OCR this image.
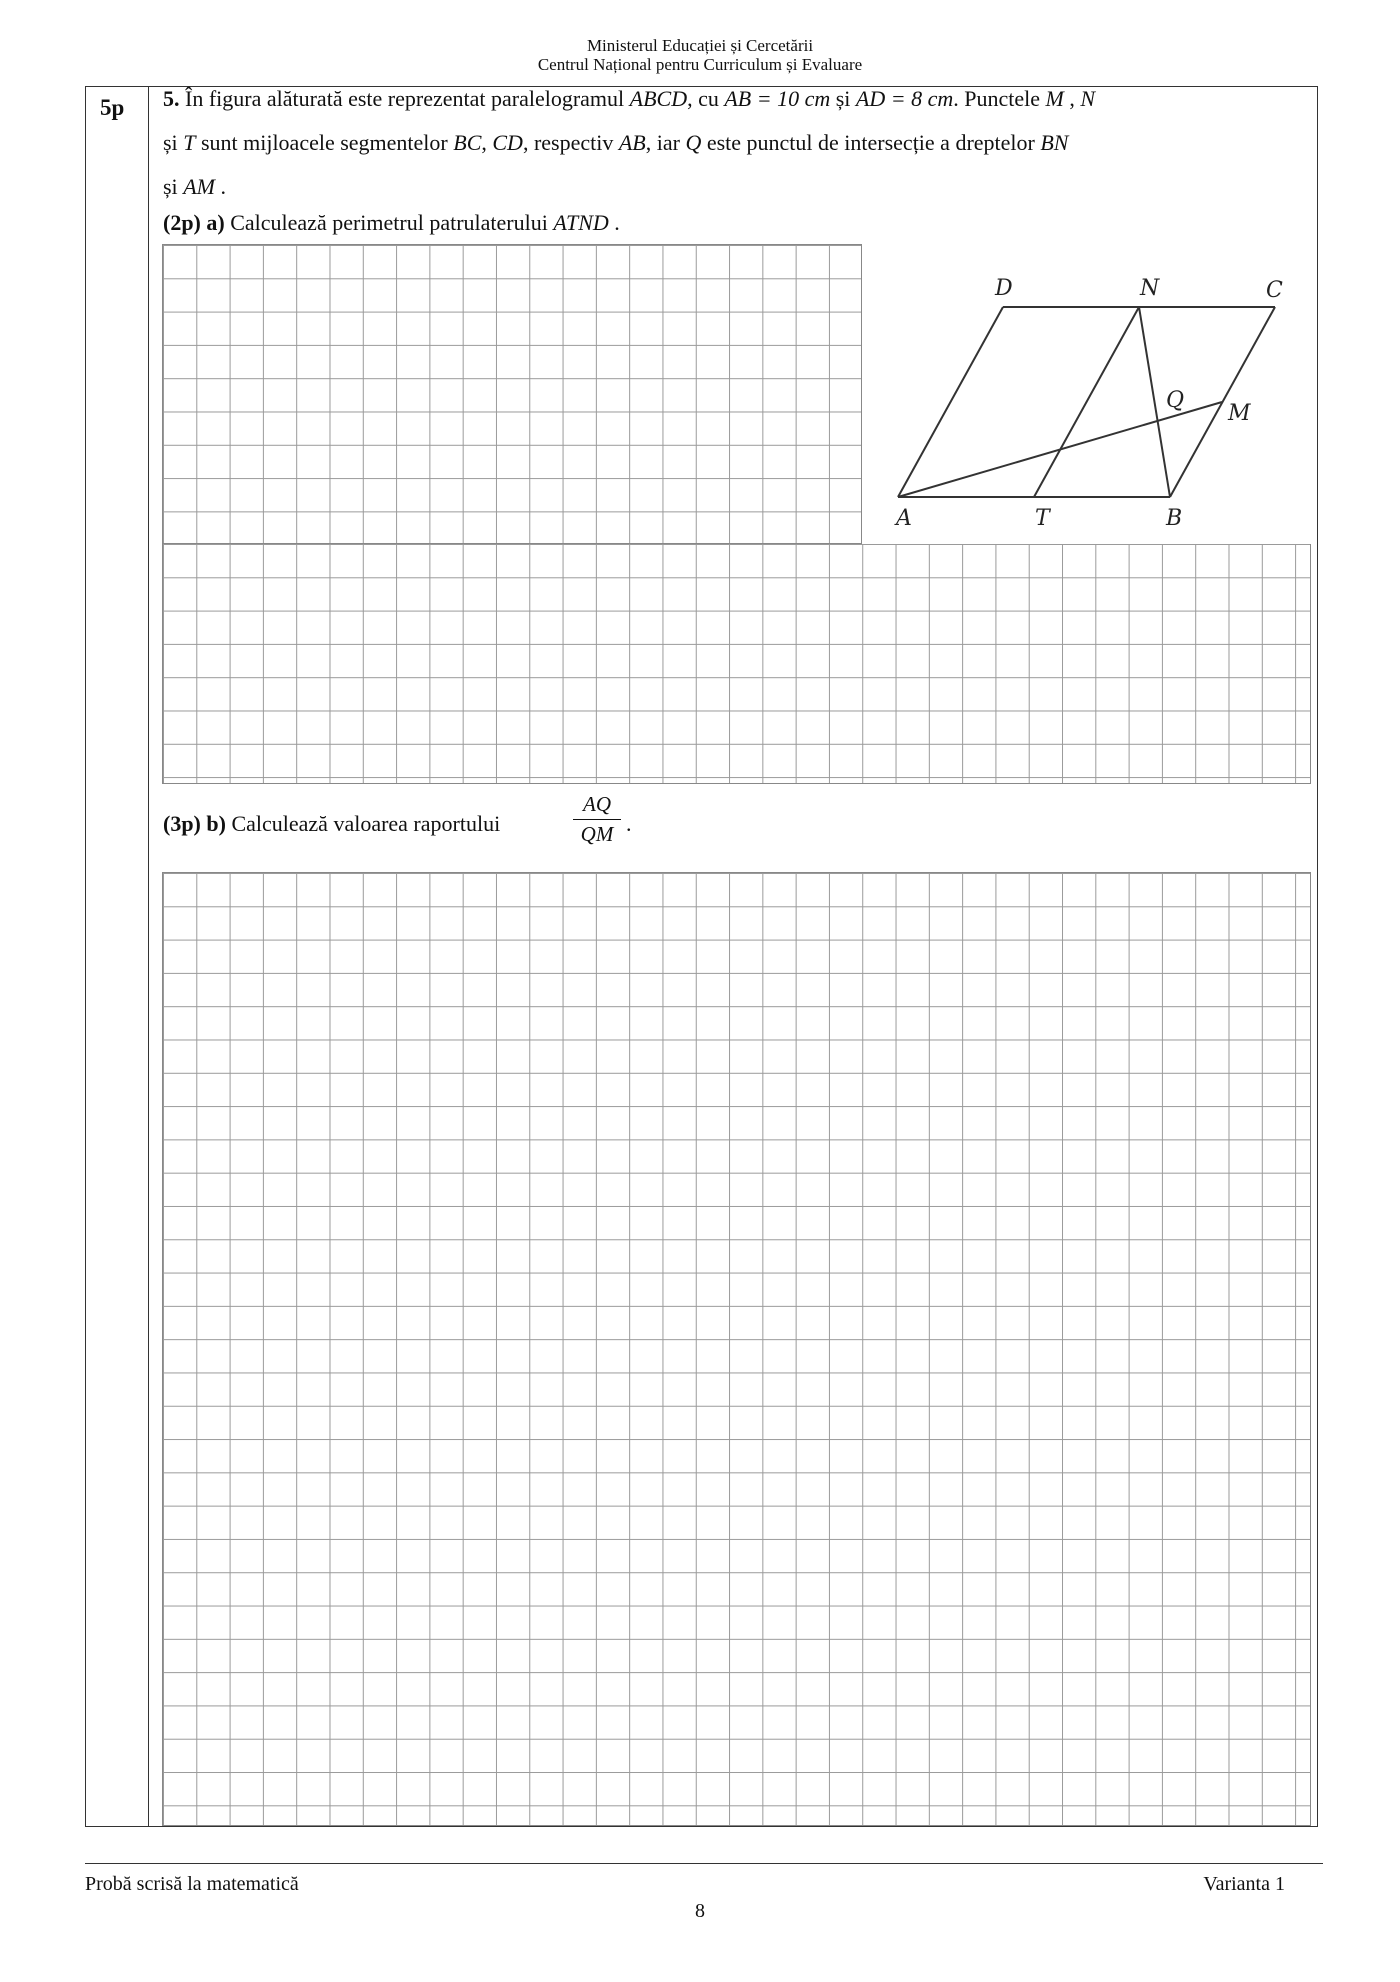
Ministerul Educației și Cercetării
Centrul Național pentru Curriculum și Evaluare
5p 5. În figura alăturată este reprezentat paralelogramul ABCD, cu AB = 10 cm și AD = 8 cm. Punctele M , N
și T sunt mijloacele segmentelor BC, CD, respectiv AB, iar Q este punctul de intersecție a dreptelor BN
și AM .
(2p) a) Calculează perimetrul patrulaterului ATND .
A	T	B
D	N	C
Q
M
(3p) b) Calculează valoarea raportului
AQ
QM .
Probă scrisă la matematică	Varianta 1
8
